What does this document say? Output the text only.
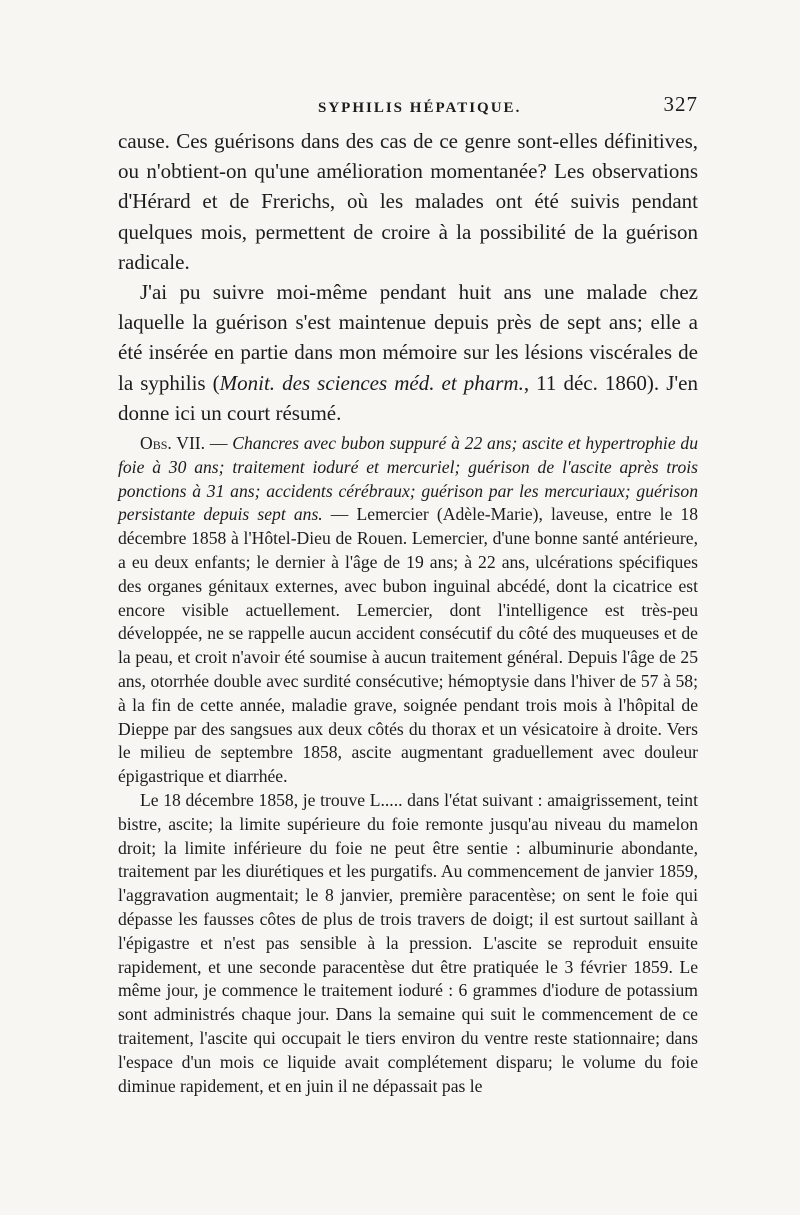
SYPHILIS HÉPATIQUE.	327

cause. Ces guérisons dans des cas de ce genre sont-elles définitives, ou n'obtient-on qu'une amélioration momentanée? Les observations d'Hérard et de Frerichs, où les malades ont été suivis pendant quelques mois, permettent de croire à la possibilité de la guérison radicale.

J'ai pu suivre moi-même pendant huit ans une malade chez laquelle la guérison s'est maintenue depuis près de sept ans; elle a été insérée en partie dans mon mémoire sur les lésions viscérales de la syphilis (Monit. des sciences méd. et pharm., 11 déc. 1860). J'en donne ici un court résumé.

Obs. VII. — Chancres avec bubon suppuré à 22 ans; ascite et hypertrophie du foie à 30 ans; traitement ioduré et mercuriel; guérison de l'ascite après trois ponctions à 31 ans; accidents cérébraux; guérison par les mercuriaux; guérison persistante depuis sept ans. — Lemercier (Adèle-Marie), laveuse, entre le 18 décembre 1858 à l'Hôtel-Dieu de Rouen. Lemercier, d'une bonne santé antérieure, a eu deux enfants; le dernier à l'âge de 19 ans; à 22 ans, ulcérations spécifiques des organes génitaux externes, avec bubon inguinal abcédé, dont la cicatrice est encore visible actuellement. Lemercier, dont l'intelligence est très-peu développée, ne se rappelle aucun accident consécutif du côté des muqueuses et de la peau, et croit n'avoir été soumise à aucun traitement général. Depuis l'âge de 25 ans, otorrhée double avec surdité consécutive; hémoptysie dans l'hiver de 57 à 58; à la fin de cette année, maladie grave, soignée pendant trois mois à l'hôpital de Dieppe par des sangsues aux deux côtés du thorax et un vésicatoire à droite. Vers le milieu de septembre 1858, ascite augmentant graduellement avec douleur épigastrique et diarrhée.

Le 18 décembre 1858, je trouve L..... dans l'état suivant : amaigrissement, teint bistre, ascite; la limite supérieure du foie remonte jusqu'au niveau du mamelon droit; la limite inférieure du foie ne peut être sentie : albuminurie abondante, traitement par les diurétiques et les purgatifs. Au commencement de janvier 1859, l'aggravation augmentait; le 8 janvier, première paracentèse; on sent le foie qui dépasse les fausses côtes de plus de trois travers de doigt; il est surtout saillant à l'épigastre et n'est pas sensible à la pression. L'ascite se reproduit ensuite rapidement, et une seconde paracentèse dut être pratiquée le 3 février 1859. Le même jour, je commence le traitement ioduré : 6 grammes d'iodure de potassium sont administrés chaque jour. Dans la semaine qui suit le commencement de ce traitement, l'ascite qui occupait le tiers environ du ventre reste stationnaire; dans l'espace d'un mois ce liquide avait complétement disparu; le volume du foie diminue rapidement, et en juin il ne dépassait pas le
